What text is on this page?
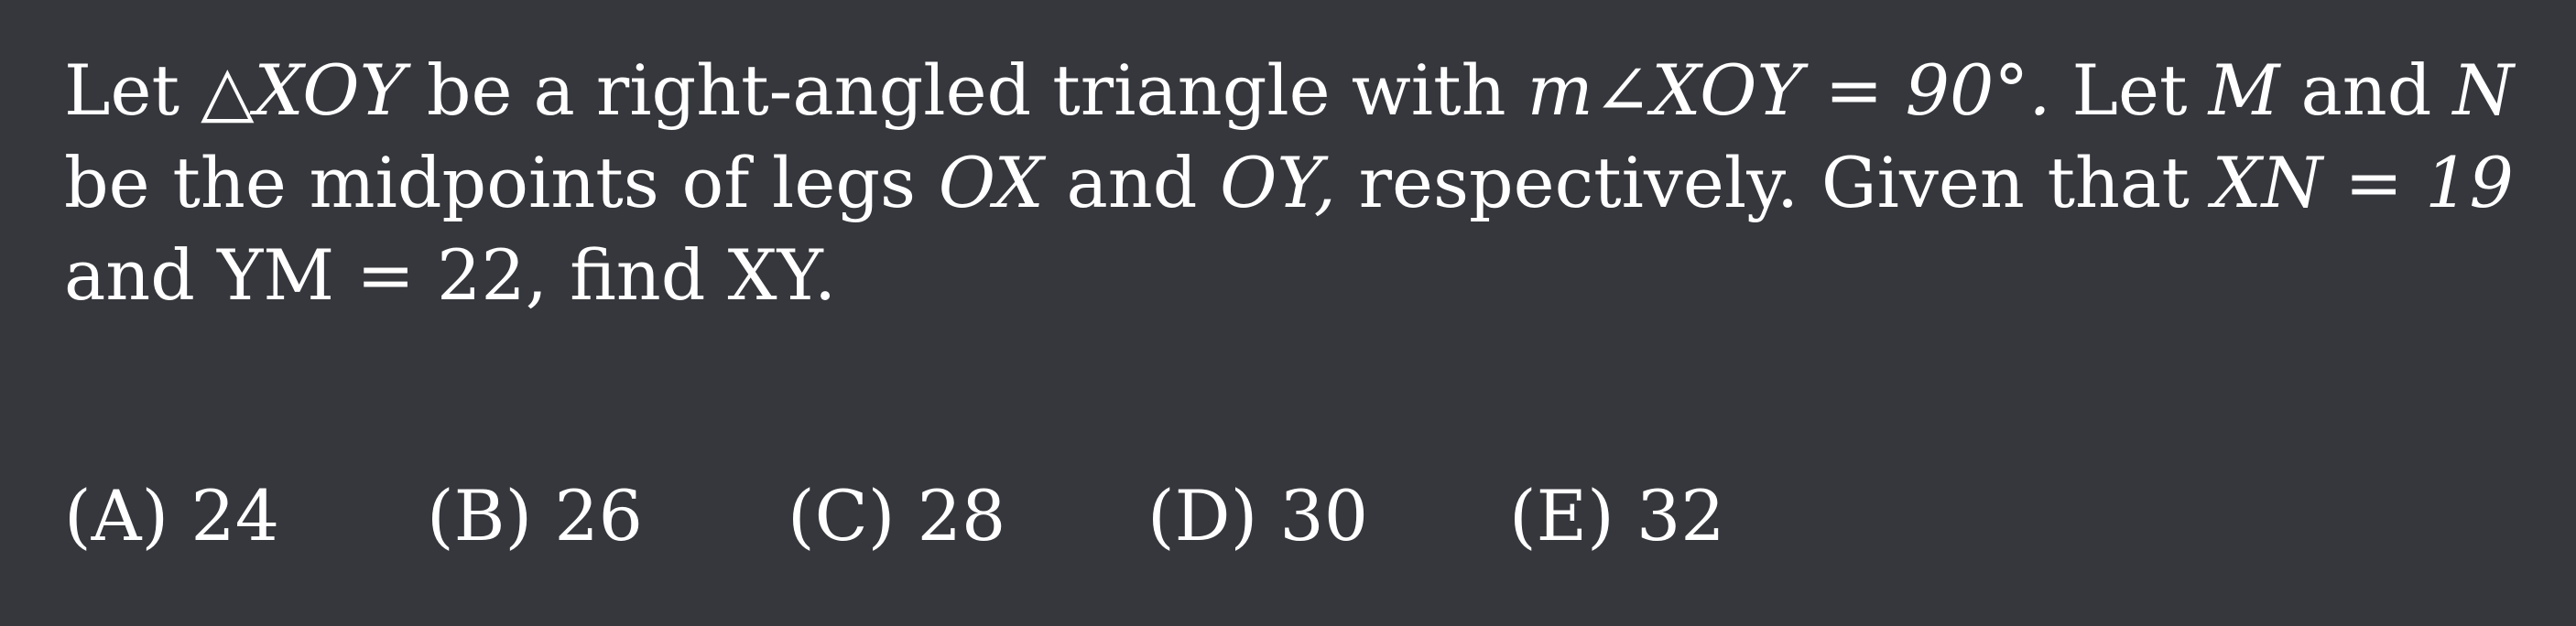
Let △XOY be a right-angled triangle with m∠XOY = 90°. Let M and N
be the midpoints of legs OX and OY, respectively. Given that XN = 19
and YM = 22, find XY.
(A) 24 (B) 26 (C) 28 (D) 30 (E) 32
